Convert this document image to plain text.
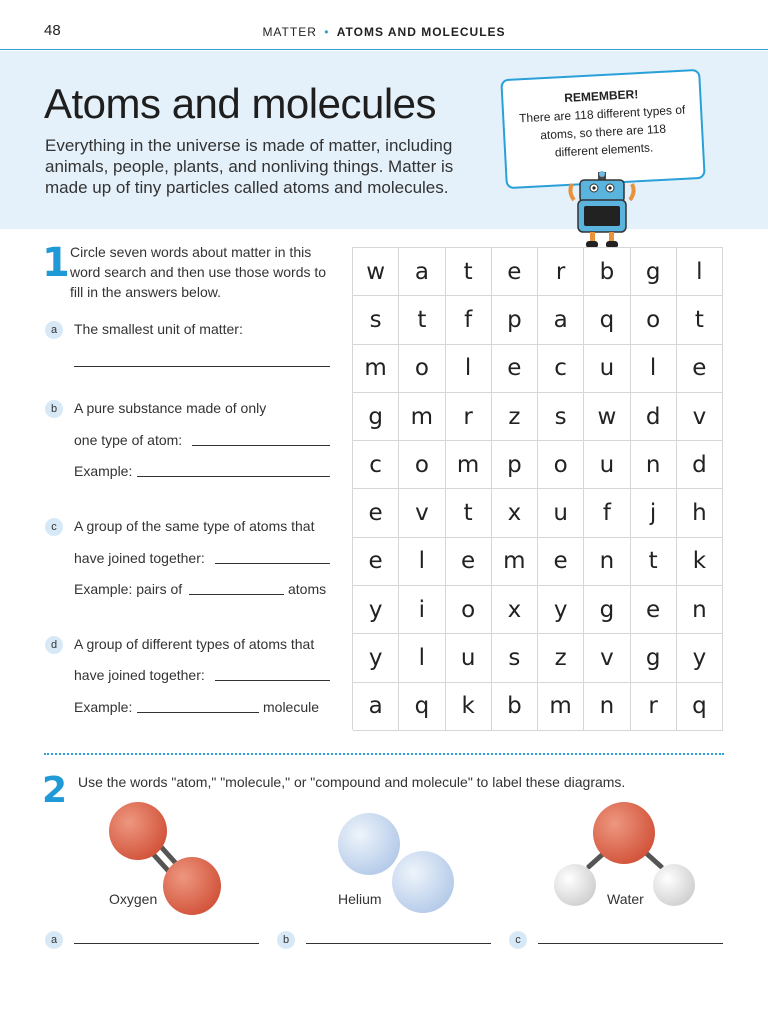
48	MATTER • ATOMS AND MOLECULES
Atoms and molecules

Everything in the universe is made of matter, including animals, people, plants, and nonliving things. Matter is made up of tiny particles called atoms and molecules.

REMEMBER!
There are 118 different types of atoms, so there are 118 different elements.
1 Circle seven words about matter in this word search and then use those words to fill in the answers below.
a	The smallest unit of matter:
b	A pure substance made of only
one type of atom:
Example:
c	A group of the same type of atoms that
have joined together:
Example: pairs of	atoms
d	A group of different types of atoms that
have joined together:
Example:	molecule
w	a	t	e	r	b	g	l
s	t	f	p	a	q	o	t
m	o	l	e	c	u	l	e
g	m	r	z	s	w	d	v
c	o	m	p	o	u	n	d
e	v	t	x	u	f	j	h
e	l	e	m	e	n	t	k
y	i	o	x	y	g	e	n
y	l	u	s	z	v	g	y
a	q	k	b	m	n	r	q
2 Use the words "atom," "molecule," or "compound and molecule" to label these diagrams.
Oxygen	Helium	Water
a	b	c
